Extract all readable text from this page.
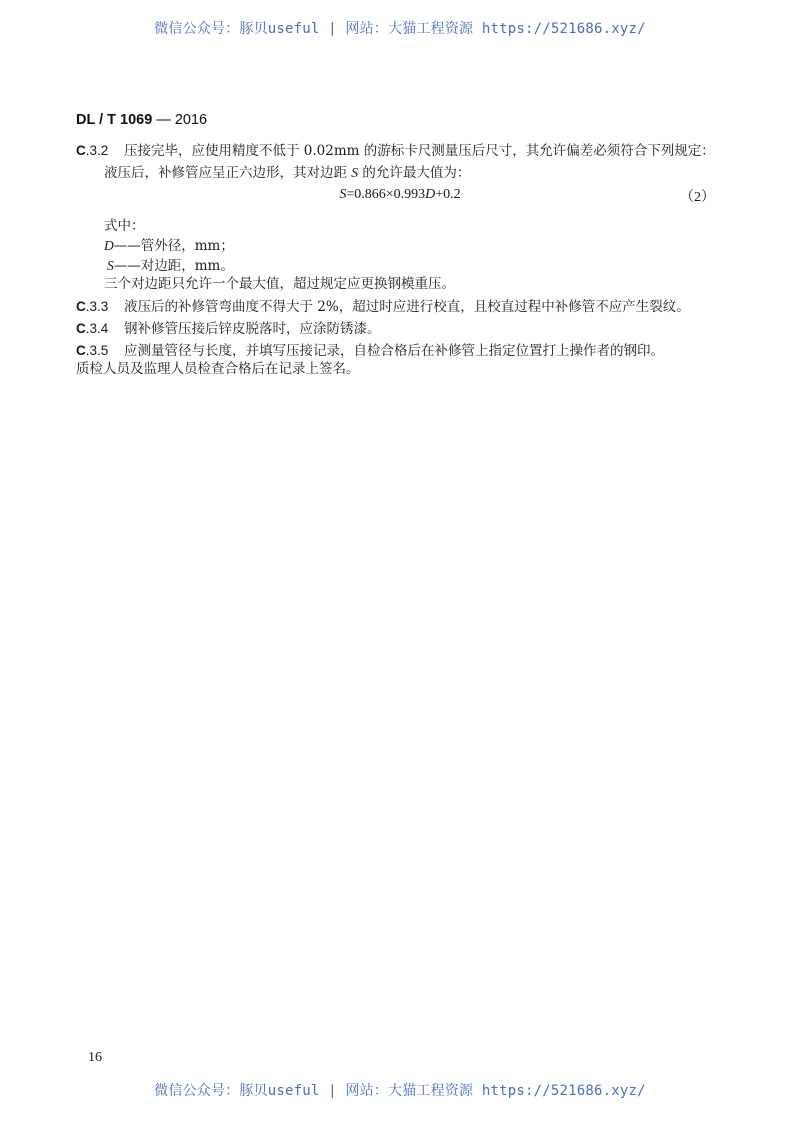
微信公众号：豚贝useful | 网站：大猫工程资源 https://521686.xyz/
DL / T 1069 — 2016
C.3.2 压接完毕，应使用精度不低于 0.02mm 的游标卡尺测量压后尺寸，其允许偏差必须符合下列规定：
液压后，补修管应呈正六边形，其对边距 S 的允许最大值为：
S=0.866×0.993D+0.2	（2）
式中：
D——管外径，mm；
S——对边距，mm。
三个对边距只允许一个最大值，超过规定应更换钢模重压。
C.3.3 液压后的补修管弯曲度不得大于 2%，超过时应进行校直，且校直过程中补修管不应产生裂纹。
C.3.4 钢补修管压接后锌皮脱落时，应涂防锈漆。
C.3.5 应测量管径与长度，并填写压接记录，自检合格后在补修管上指定位置打上操作者的钢印。
质检人员及监理人员检查合格后在记录上签名。
16
微信公众号：豚贝useful | 网站：大猫工程资源 https://521686.xyz/
